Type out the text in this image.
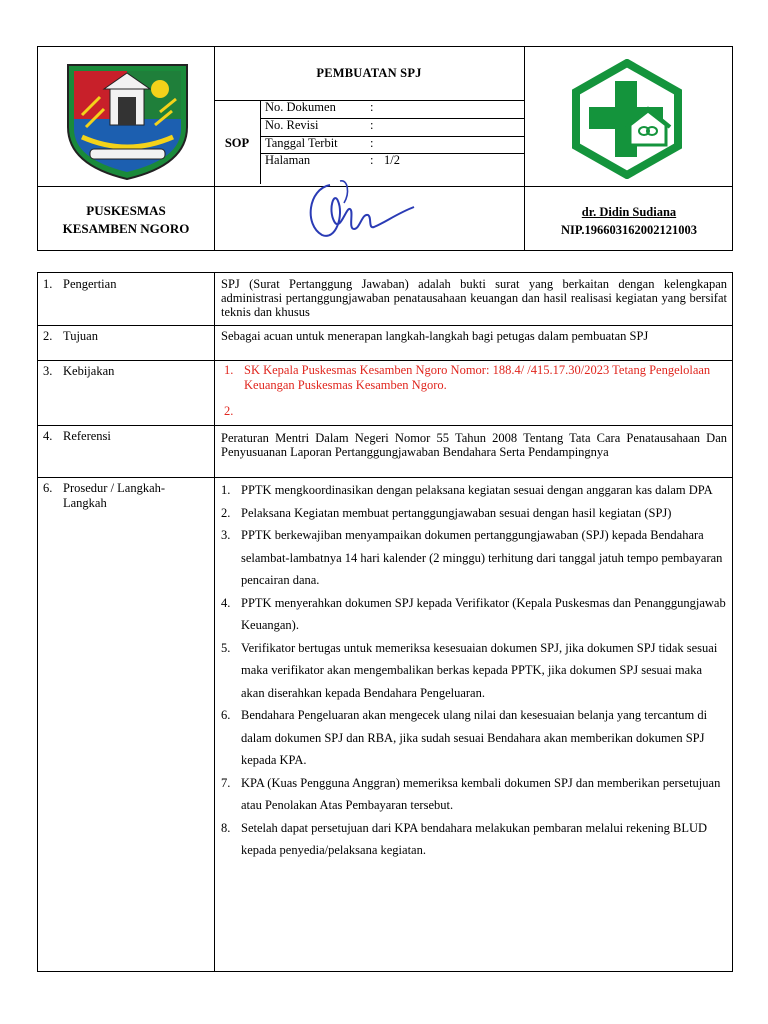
PEMBUATAN SPJ
SOP
No. Dokumen	:
No. Revisi	:
Tanggal Terbit	:
Halaman	: 1/2
PUSKESMAS
KESAMBEN NGORO
dr. Didin Sudiana
NIP.196603162002121003
1. Pengertian	SPJ (Surat Pertanggung Jawaban) adalah bukti surat yang berkaitan dengan kelengkapan administrasi pertanggungjawaban penatausahaan keuangan dan hasil realisasi kegiatan yang bersifat teknis dan khusus
2. Tujuan	Sebagai acuan untuk menerapan langkah-langkah bagi petugas dalam pembuatan SPJ
3. Kebijakan	1. SK Kepala Puskesmas Kesamben Ngoro Nomor: 188.4/ /415.17.30/2023 Tetang Pengelolaan Keuangan Puskesmas Kesamben Ngoro.
2.
4. Referensi	Peraturan Mentri Dalam Negeri Nomor 55 Tahun 2008 Tentang Tata Cara Penatausahaan Dan Penyusuanan Laporan Pertanggungjawaban Bendahara Serta Pendampingnya
6. Prosedur / Langkah-
Langkah
1. PPTK mengkoordinasikan dengan pelaksana kegiatan sesuai dengan anggaran kas dalam DPA
2. Pelaksana Kegiatan membuat pertanggungjawaban sesuai dengan hasil kegiatan (SPJ)
3. PPTK berkewajiban menyampaikan dokumen pertanggungjawaban (SPJ) kepada Bendahara selambat-lambatnya 14 hari kalender (2 minggu) terhitung dari tanggal jatuh tempo pembayaran pencairan dana.
4. PPTK menyerahkan dokumen SPJ kepada Verifikator (Kepala Puskesmas dan Penanggungjawab Keuangan).
5. Verifikator bertugas untuk memeriksa kesesuaian dokumen SPJ, jika dokumen SPJ tidak sesuai maka verifikator akan mengembalikan berkas kepada PPTK, jika dokumen SPJ sesuai maka akan diserahkan kepada Bendahara Pengeluaran.
6. Bendahara Pengeluaran akan mengecek ulang nilai dan kesesuaian belanja yang tercantum di dalam dokumen SPJ dan RBA, jika sudah sesuai Bendahara akan memberikan dokumen SPJ kepada KPA.
7. KPA (Kuas Pengguna Anggran) memeriksa kembali dokumen SPJ dan memberikan persetujuan atau Penolakan Atas Pembayaran tersebut.
8. Setelah dapat persetujuan dari KPA bendahara melakukan pembaran melalui rekening BLUD kepada penyedia/pelaksana kegiatan.
